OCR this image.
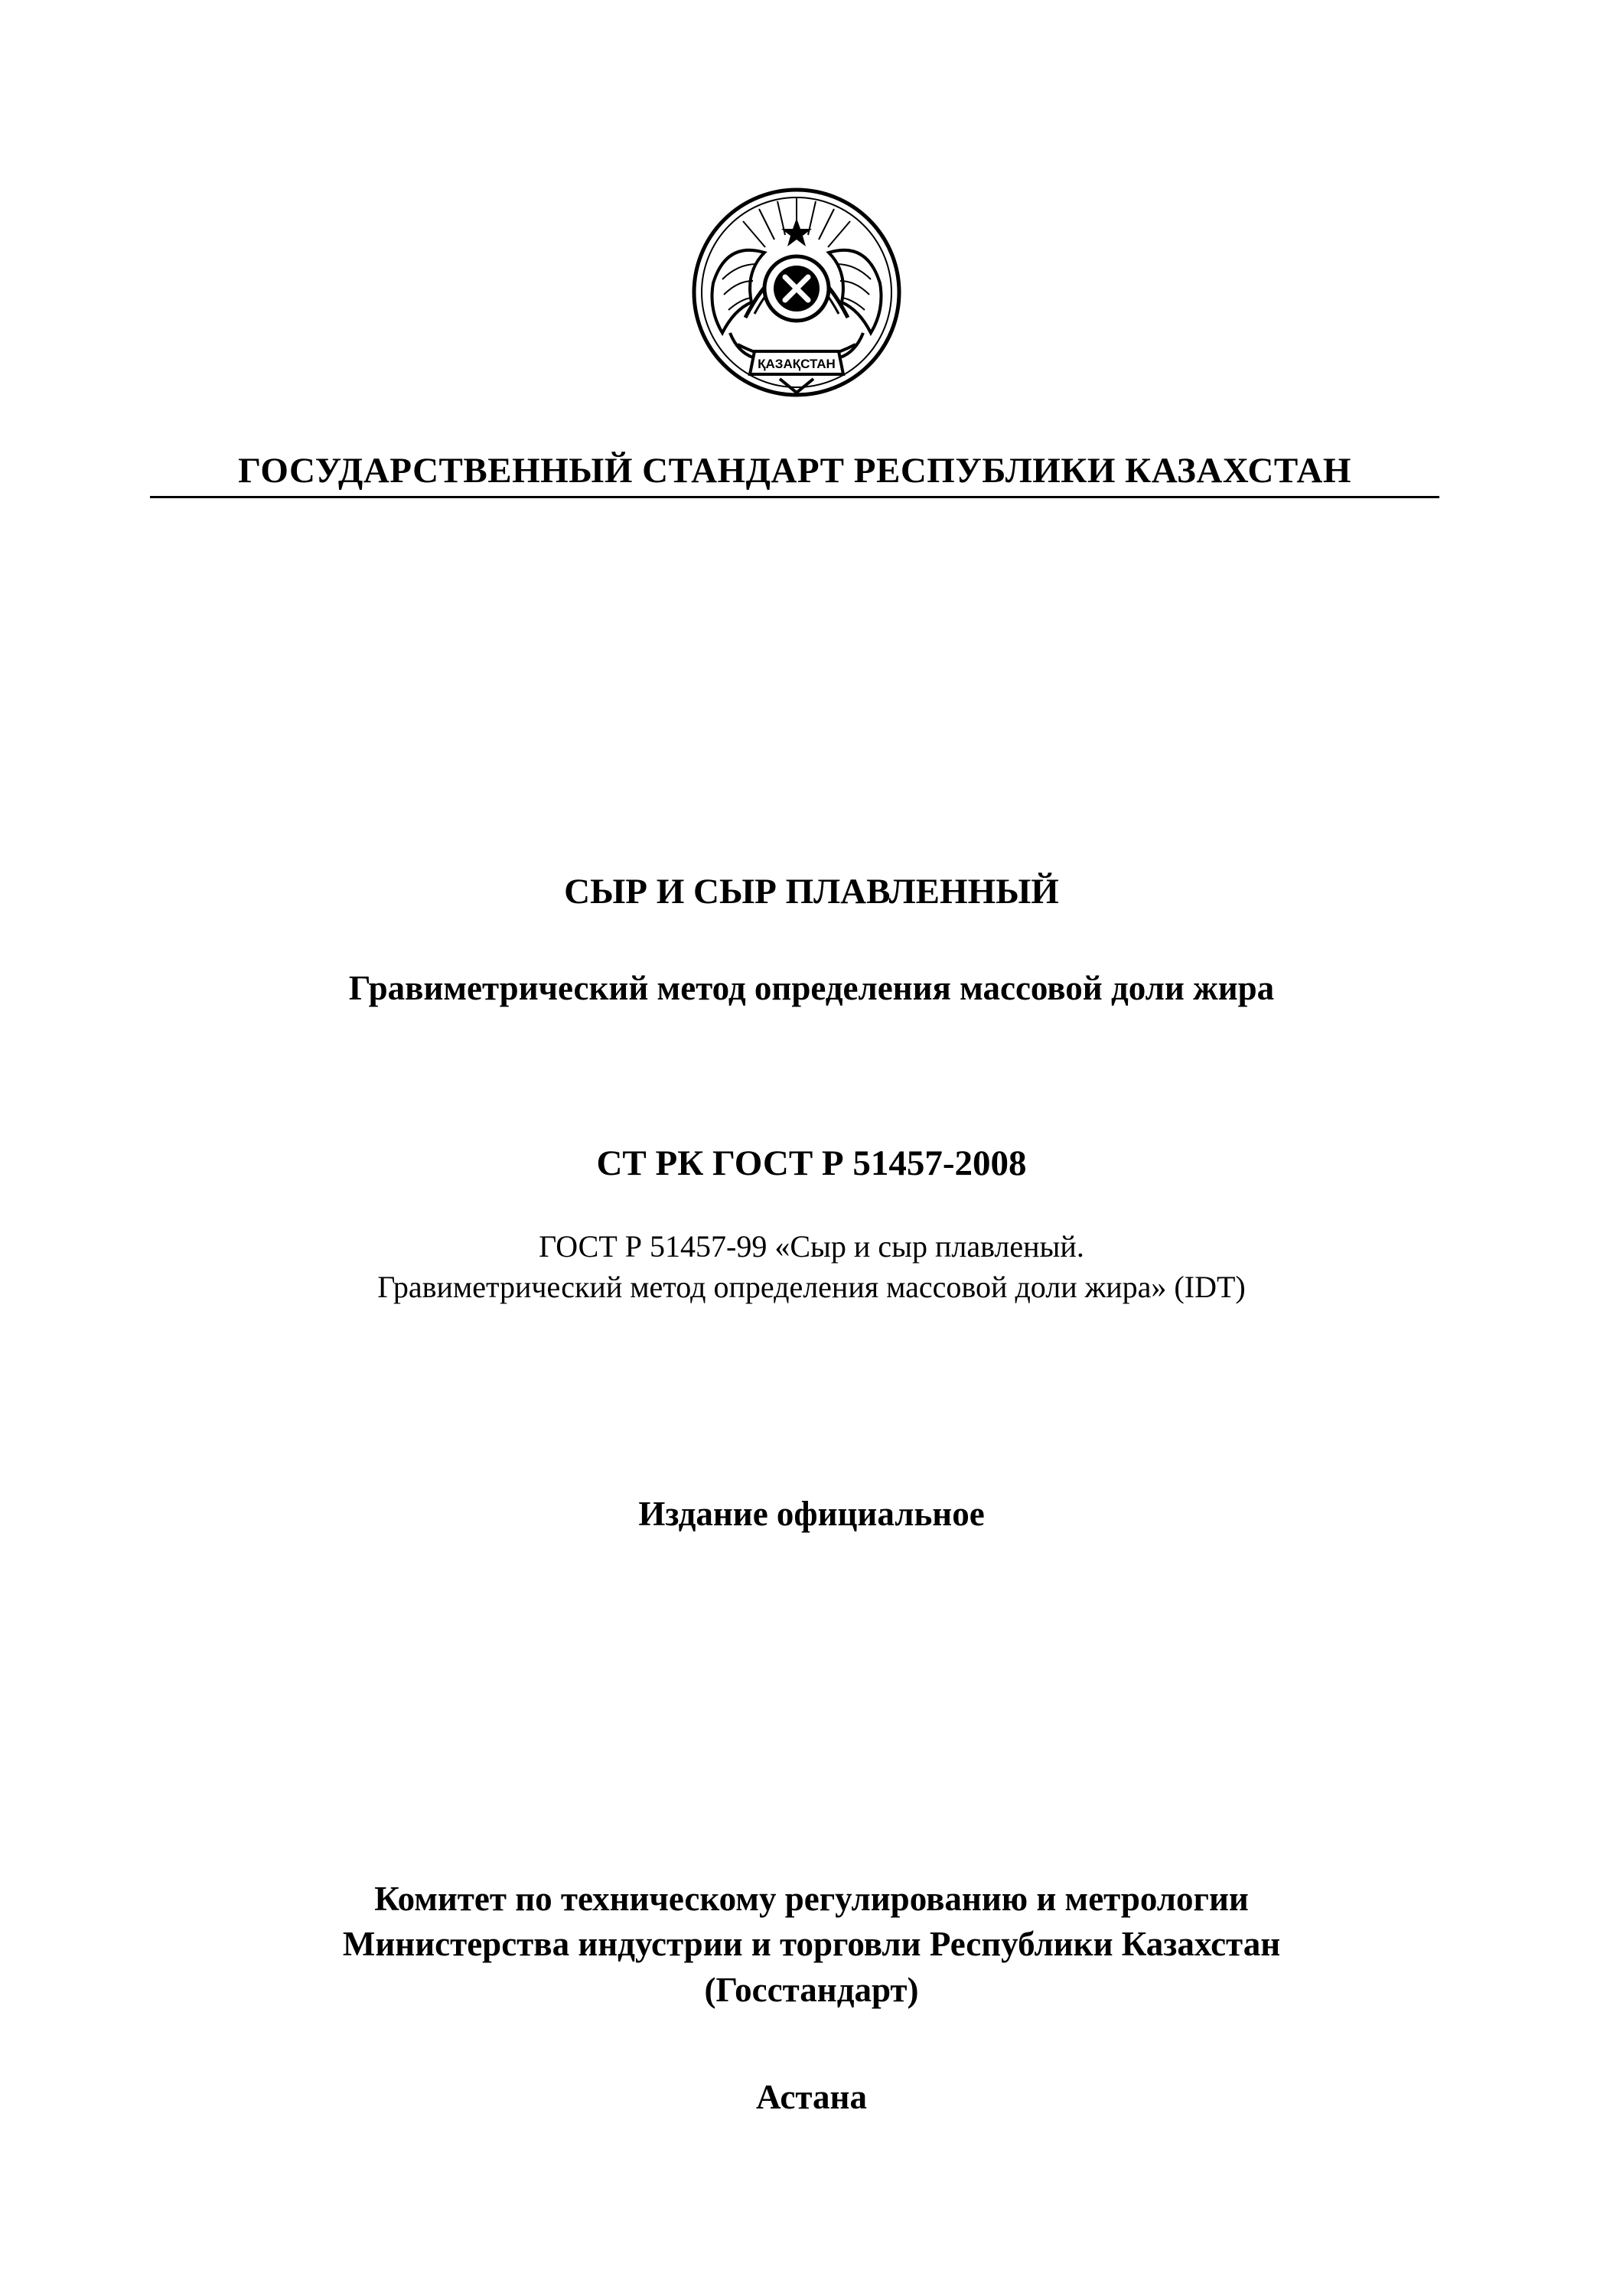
ҚАЗАҚСТАН
ГОСУДАРСТВЕННЫЙ СТАНДАРТ РЕСПУБЛИКИ КАЗАХСТАН
СЫР И СЫР ПЛАВЛЕННЫЙ
Гравиметрический метод определения массовой доли жира
СТ РК ГОСТ Р 51457-2008
ГОСТ Р 51457-99 «Сыр и сыр плавленый.
Гравиметрический метод определения массовой доли жира» (IDT)
Издание официальное
Комитет по техническому регулированию и метрологии
Министерства индустрии и торговли Республики Казахстан
(Госстандарт)
Астана
